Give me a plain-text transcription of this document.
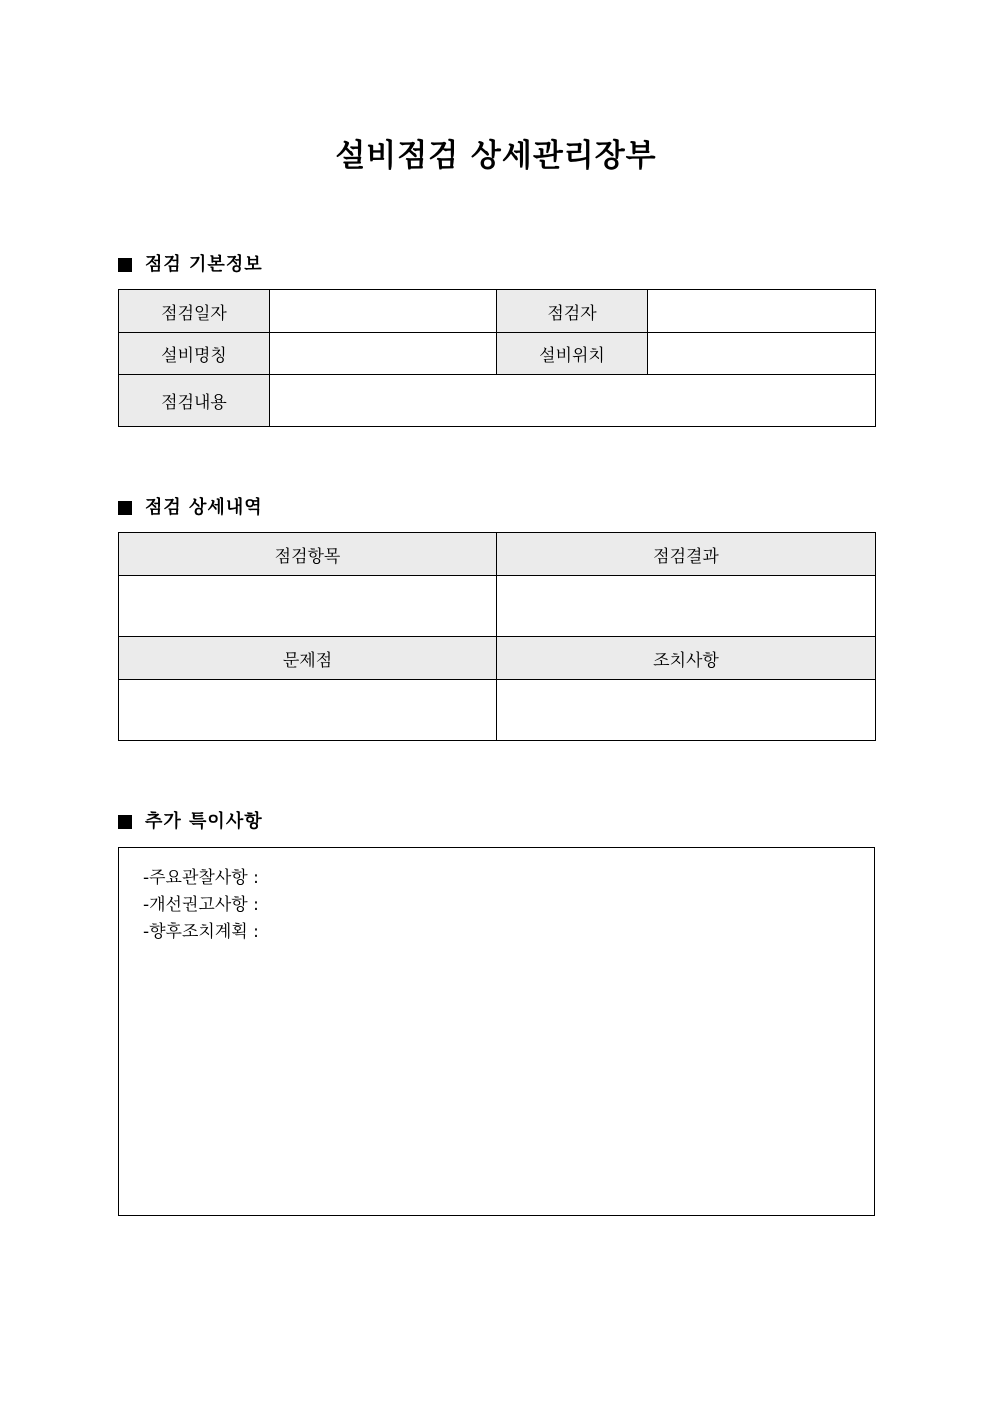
설비점검 상세관리장부
점검 기본정보
점검일자		점검자	
설비명칭		설비위치	
점검내용			
점검 상세내역
점검항목	점검결과

문제점	조치사항

추가 특이사항
-주요관찰사항 :
-개선권고사항 :
-향후조치계획 :
